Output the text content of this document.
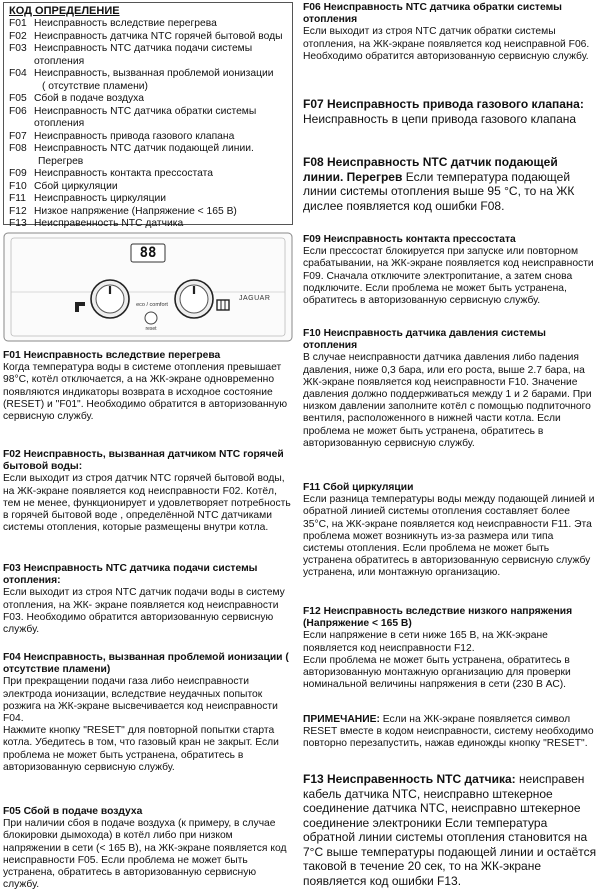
КОД ОПРЕДЕЛЕНИЕ
F01 Неисправность вследствие перегрева
F02 Неисправность датчика NTC горячей бытовой воды
F03 Неисправность NTC датчика подачи системы отопления
F04 Неисправность, вызванная проблемой ионизации
( отсутствие пламени)
F05 Сбой в подаче воздуха
F06 Неисправность NTC датчика обратки системы отопления
F07 Неисправность привода газового клапана
F08 Неисправность NTC датчик подающей линии.
Перегрев
F09 Неисправность контакта прессостата
F10 Сбой циркуляции
F11 Неисправность циркуляции
F12 Низкое напряжение (Напряжение < 165 В)
F13 Неисправенность NTC датчика
88
JAGUAR
eco / comfort
reset
F01 Неисправность вследствие перегрева
Когда температура воды в системе отопления превышает 98°С, котёл отключается, а на ЖК-экране одновременно появляются индикаторы возврата в исходное состояние (RESET) и "F01". Необходимо обратится в авторизованную сервисную службу.
F02 Неисправность, вызванная датчиком NTC горячей бытовой воды:
Если выходит из строя датчик NTC горячей бытовой воды, на ЖК-экране появляется код неисправности F02. Котёл, тем не менее, функционирует и удовлетворяет потребность в горячей бытовой воде , определённой NTC датчиками системы отопления, которые размещены внутри котла.
F03 Неисправность NTC датчика подачи системы отопления:
Если выходит из строя NTC датчик подачи воды в систему отопления, на ЖК- экране появляется код неисправности F03. Необходимо обратится авторизованную сервисную службу.
F04 Неисправность, вызванная проблемой ионизации ( отсутствие пламени)
При прекращении подачи газа либо неисправности электрода ионизации, вследствие неудачных попыток розжига на ЖК-экране высвечивается код неисправности F04.
Нажмите кнопку "RESET" для повторной попытки старта котла. Убедитесь в том, что газовый кран не закрыт. Если проблема не может быть устранена, обратитесь в авторизованную сервисную службу.
F05 Сбой в подаче воздуха
При наличии сбоя в подаче воздуха (к примеру, в случае блокировки дымохода) в котёл либо при низком напряжении в сети (< 165 В), на ЖК-экране появляется код неисправности F05. Если проблема не может быть устранена, обратитесь в авторизованную сервисную службу.
F06 Неисправность NTC датчика обратки системы отопления
Если выходит из строя NTC датчик обратки системы отопления, на ЖК-экране появляется код неисправной F06. Необходимо обратится авторизованную сервисную службу.
F07 Неисправность привода газового клапана: Неисправность в цепи привода газового клапана
F08 Неисправность NTC датчик подающей линии. Перегрев Если температура подающей линии системы отопления выше 95 °С, то на ЖК дислее появляется код ошибки F08.
F09 Неисправность контакта прессостата
Если прессостат блокируется при запуске или повторном срабатывании, на ЖК-экране появляется код неисправности F09. Сначала отключите электропитание, а затем снова подключите. Если проблема не может быть устранена, обратитесь в авторизованную сервисную службу.
F10 Неисправность датчика давления системы отопления
В случае неисправности датчика давления либо падения давления, ниже 0,3 бара, или его роста, выше 2.7 бара, на ЖК-экране появляется код неисправности F10. Значение давления должно поддерживаться между 1 и 2 барами. При низком давлении заполните котёл с помощью подпиточного вентиля, расположенного в нижней части котла. Если проблема не может быть устранена, обратитесь в авторизованную сервисную службу.
F11 Сбой циркуляции
Если разница температуры воды между подающей линией и обратной линией системы отопления составляет более 35°С, на ЖК-экране появляется код неисправности F11. Эта проблема может возникнуть из-за размера или типа системы отопления. Если проблема не может быть устранена обратитесь в авторизованную сервисную службу устранена, или монтажную организацию.
F12 Неисправность вследствие низкого напряжения (Напряжение < 165 В)
Если напряжение в сети ниже 165 В, на ЖК-экране появляется код неисправности F12.
Если проблема не может быть устранена, обратитесь в авторизованную монтажную организацию для проверки номинальной величины напряжения в сети (230 В АС).
ПРИМЕЧАНИЕ: Если на ЖК-экране появляется символ RESET вместе в кодом неисправности, систему необходимо повторно перезапустить, нажав единожды кнопку "RESET".
F13 Неисправенность NTC датчика: неисправен кабель датчика NTC, неисправно штекерное соединение датчика NTC, неисправно штекерное соединение электроники Если температура обратной линии системы отопления становится на 7°С выше температуры подающей линии и остаётся таковой в течение 20 сек, то на ЖК-экране появляется код ошибки F13.
